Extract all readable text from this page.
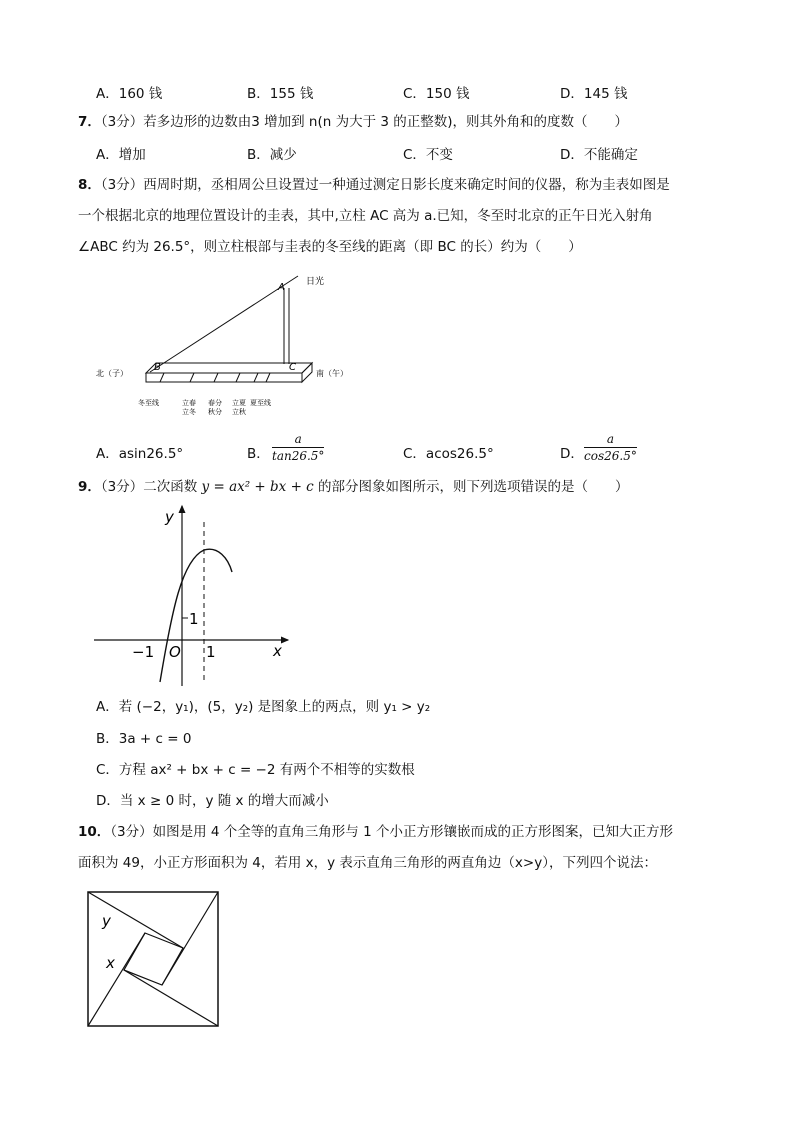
A．160 钱	B．155 钱	C．150 钱	D．145 钱
7．（3分）若多边形的边数由3 增加到 n(n 为大于 3 的正整数)，则其外角和的度数（　　）
A．增加	B．减少	C．不变	D．不能确定
8．（3分）西周时期，丞相周公旦设置过一种通过测定日影长度来确定时间的仪器，称为圭表如图是
一个根据北京的地理位置设计的圭表，其中,立柱 AC 高为 a.已知，冬至时北京的正午日光入射角
∠ABC 约为 26.5°，则立柱根部与圭表的冬至线的距离（即 BC 的长）约为（　　）
日光
A
B	C
北（子）	南（午）
冬至线	立春
立冬
春分
秋分
立夏
立秋
夏至线
A．asin26.5°	B．
a
tan26.5°	C．acos26.5°	D．
a
cos26.5°
9．（3分）二次函数 y = ax² + bx + c 的部分图象如图所示，则下列选项错误的是（　　）
y
x
O
−1	1
1
A．若 (−2，y₁)，(5，y₂) 是图象上的两点，则 y₁ > y₂
B．3a + c = 0
C．方程 ax² + bx + c = −2 有两个不相等的实数根
D．当 x ≥ 0 时，y 随 x 的增大而减小
10．（3分）如图是用 4 个全等的直角三角形与 1 个小正方形镶嵌而成的正方形图案，已知大正方形
面积为 49，小正方形面积为 4，若用 x，y 表示直角三角形的两直角边（x>y），下列四个说法：
y
x
